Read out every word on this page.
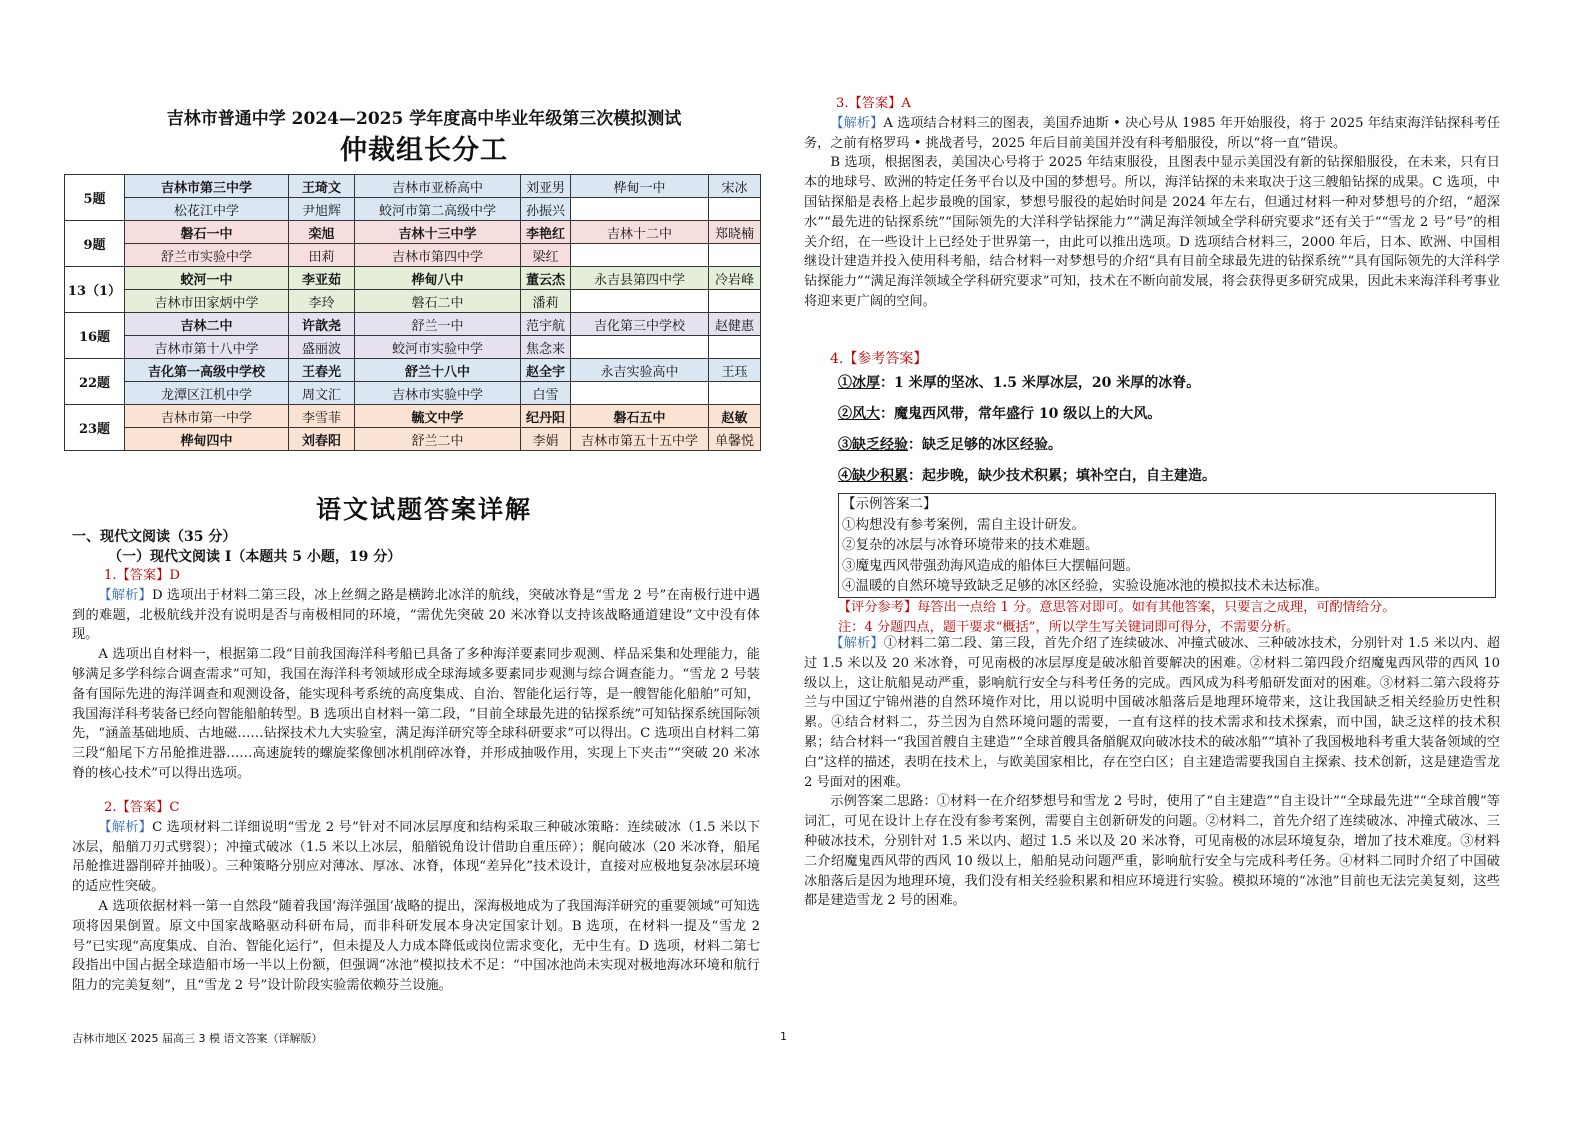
吉林市普通中学 2024—2025 学年度高中毕业年级第三次模拟测试
仲裁组长分工
5题	吉林市第三中学	王琦文	吉林市亚桥高中	刘亚男	桦甸一中	宋冰
	松花江中学	尹旭辉	蛟河市第二高级中学	孙振兴		
9题	磐石一中	栾旭	吉林十三中学	李艳红	吉林十二中	郑晓楠
	舒兰市实验中学	田莉	吉林市第四中学	梁红		
13（1）	蛟河一中	李亚茹	桦甸八中	董云杰	永吉县第四中学	冷岩峰
	吉林市田家炳中学	李玲	磐石二中	潘莉		
16题	吉林二中	许歆尧	舒兰一中	范宇航	吉化第三中学校	赵健惠
	吉林市第十八中学	盛丽波	蛟河市实验中学	焦念来		
22题	吉化第一高级中学校	王春光	舒兰十八中	赵全宇	永吉实验高中	王珏
	龙潭区江机中学	周文汇	吉林市实验中学	白雪		
23题	吉林市第一中学	李雪菲	毓文中学	纪丹阳	磐石五中	赵敏
	桦甸四中	刘春阳	舒兰二中	李娟	吉林市第五十五中学	单馨悦
语文试题答案详解
一、现代文阅读（35 分）
（一）现代文阅读 I（本题共 5 小题，19 分）

1.【答案】D

【解析】D 选项出于材料二第三段，冰上丝绸之路是横跨北冰洋的航线，突破冰脊是“雪龙 2 号”在南极行进中遇到的难题，北极航线并没有说明是否与南极相同的环境，“需优先突破 20 米冰脊以支持该战略通道建设”文中没有体现。

A 选项出自材料一，根据第二段“目前我国海洋科考船已具备了多种海洋要素同步观测、样品采集和处理能力，能够满足多学科综合调查需求”可知，我国在海洋科考领域形成全球海域多要素同步观测与综合调查能力。“雪龙 2 号装备有国际先进的海洋调查和观测设备，能实现科考系统的高度集成、自治、智能化运行等，是一艘智能化船舶”可知，我国海洋科考装备已经向智能船舶转型。B 选项出自材料一第二段，“目前全球最先进的钻探系统”可知钻探系统国际领先，“涵盖基础地质、古地磁……钻探技术九大实验室，满足海洋研究等全球科研要求”可以得出。C 选项出自材料二第三段“船尾下方吊舱推进器……高速旋转的螺旋桨像刨冰机削碎冰脊，并形成抽吸作用，实现上下夹击”“突破 20 米冰脊的核心技术”可以得出选项。

2.【答案】C

【解析】C 选项材料二详细说明“雪龙 2 号”针对不同冰层厚度和结构采取三种破冰策略：连续破冰（1.5 米以下冰层，船艏刀刃式劈裂）；冲撞式破冰（1.5 米以上冰层，船艏锐角设计借助自重压碎）；艉向破冰（20 米冰脊，船尾吊舱推进器削碎并抽吸）。三种策略分别应对薄冰、厚冰、冰脊，体现“差异化”技术设计，直接对应极地复杂冰层环境的适应性突破。

A 选项依据材料一第一自然段“随着我国‘海洋强国’战略的提出，深海极地成为了我国海洋研究的重要领域”可知选项将因果倒置。原文中国家战略驱动科研布局，而非科研发展本身决定国家计划。B 选项，在材料一提及“雪龙 2 号”已实现“高度集成、自治、智能化运行”，但未提及人力成本降低或岗位需求变化，无中生有。D 选项，材料二第七段指出中国占据全球造船市场一半以上份额，但强调“冰池”模拟技术不足：“中国冰池尚未实现对极地海冰环境和航行阻力的完美复刻”，且“雪龙 2 号”设计阶段实验需依赖芬兰设施。

3.【答案】A

【解析】A 选项结合材料三的图表，美国乔迪斯 • 决心号从 1985 年开始服役，将于 2025 年结束海洋钻探科考任务，之前有格罗玛 • 挑战者号，2025 年后目前美国并没有科考船服役，所以“将一直”错误。

B 选项，根据图表，美国决心号将于 2025 年结束服役，且图表中显示美国没有新的钻探船服役，在未来，只有日本的地球号、欧洲的特定任务平台以及中国的梦想号。所以，海洋钻探的未来取决于这三艘船钻探的成果。C 选项，中国钻探船是表格上起步最晚的国家，梦想号服役的起始时间是 2024 年左右，但通过材料一种对梦想号的介绍，“超深水”“最先进的钻探系统”“国际领先的大洋科学钻探能力”“满足海洋领域全学科研究要求”还有关于““雪龙 2 号”号”的相关介绍，在一些设计上已经处于世界第一，由此可以推出选项。D 选项结合材料三，2000 年后，日本、欧洲、中国相继设计建造并投入使用科考船，结合材料一对梦想号的介绍“具有目前全球最先进的钻探系统”“具有国际领先的大洋科学钻探能力”“满足海洋领域全学科研究要求”可知，技术在不断向前发展，将会获得更多研究成果，因此未来海洋科考事业将迎来更广阔的空间。

4.【参考答案】

①冰厚：1 米厚的坚冰、1.5 米厚冰层，20 米厚的冰脊。

②风大：魔鬼西风带，常年盛行 10 级以上的大风。

③缺乏经验：缺乏足够的冰区经验。

④缺少积累：起步晚，缺少技术积累；填补空白，自主建造。

【示例答案二】

①构想没有参考案例，需自主设计研发。

②复杂的冰层与冰脊环境带来的技术难题。

③魔鬼西风带强劲海风造成的船体巨大摆幅问题。

④温暖的自然环境导致缺乏足够的冰区经验，实验设施冰池的模拟技术未达标准。

【评分参考】每答出一点给 1 分。意思答对即可。如有其他答案，只要言之成理，可酌情给分。

注：4 分题四点，题干要求“概括”，所以学生写关键词即可得分，不需要分析。

【解析】①材料二第二段、第三段，首先介绍了连续破冰、冲撞式破冰、三种破冰技术，分别针对 1.5 米以内、超过 1.5 米以及 20 米冰脊，可见南极的冰层厚度是破冰船首要解决的困难。②材料二第四段介绍魔鬼西风带的西风 10 级以上，这让航船晃动严重，影响航行安全与科考任务的完成。西风成为科考船研发面对的困难。③材料二第六段将芬兰与中国辽宁锦州港的自然环境作对比，用以说明中国破冰船落后是地理环境带来，这让我国缺乏相关经验历史性积累。④结合材料二，芬兰因为自然环境问题的需要，一直有这样的技术需求和技术探索，而中国，缺乏这样的技术积累；结合材料一“我国首艘自主建造”“全球首艘具备艏艉双向破冰技术的破冰船”“填补了我国极地科考重大装备领域的空白”这样的描述，表明在技术上，与欧美国家相比，存在空白区；自主建造需要我国自主探索、技术创新，这是建造雪龙 2 号面对的困难。

示例答案二思路：①材料一在介绍梦想号和雪龙 2 号时，使用了“自主建造”“自主设计”“全球最先进”“全球首艘”等词汇，可见在设计上存在没有参考案例，需要自主创新研发的问题。②材料二，首先介绍了连续破冰、冲撞式破冰、三种破冰技术，分别针对 1.5 米以内、超过 1.5 米以及 20 米冰脊，可见南极的冰层环境复杂，增加了技术难度。③材料二介绍魔鬼西风带的西风 10 级以上，船舶晃动问题严重，影响航行安全与完成科考任务。④材料二同时介绍了中国破冰船落后是因为地理环境，我们没有相关经验积累和相应环境进行实验。模拟环境的“冰池”目前也无法完美复刻，这些都是建造雪龙 2 号的困难。

吉林市地区 2025 届高三 3 模 语文答案（详解版）	1
